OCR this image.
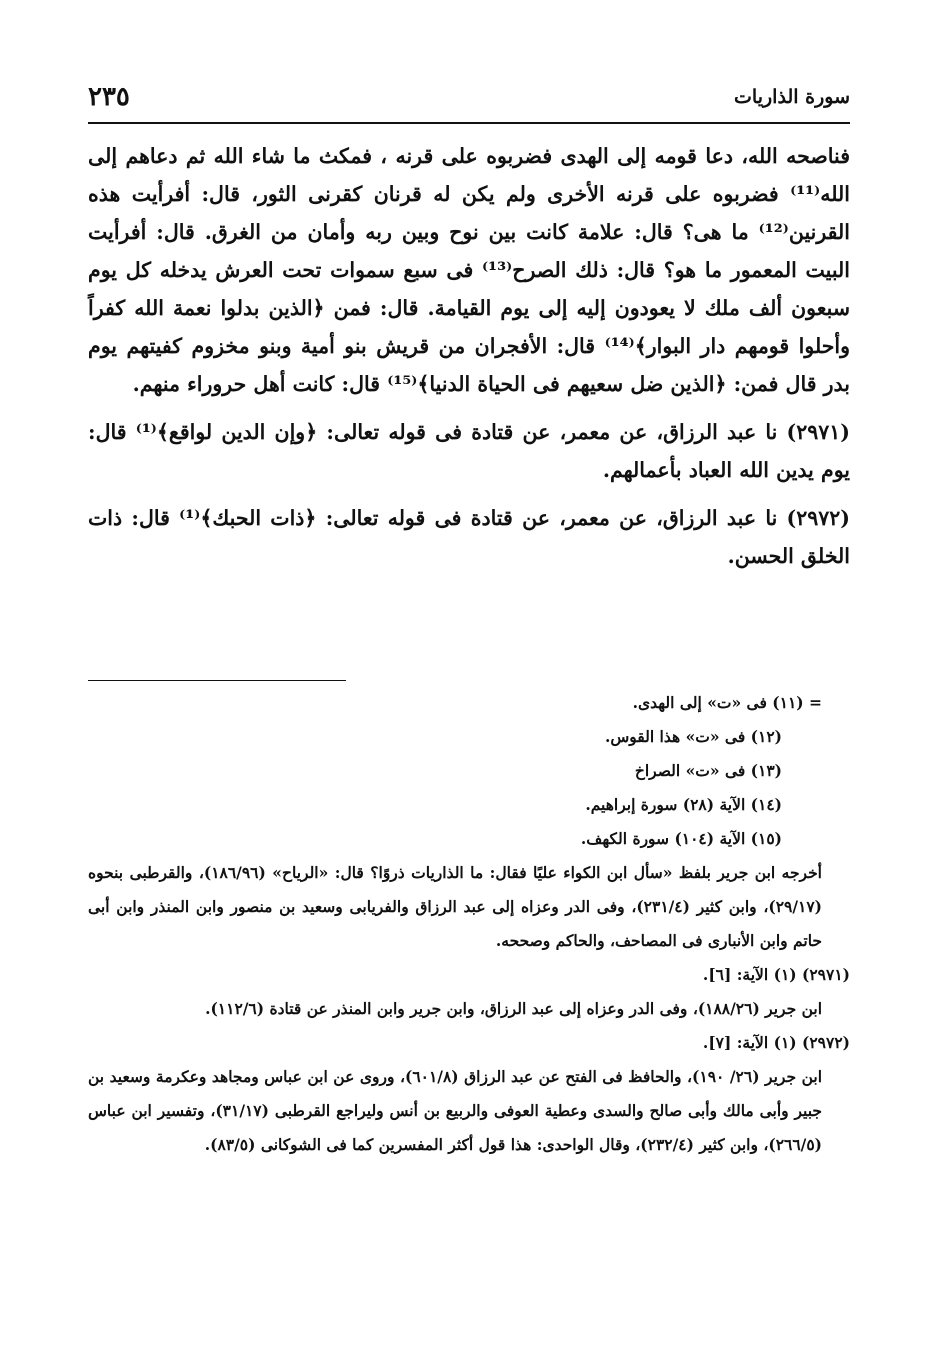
سورة الذاريات
٢٣٥

فناصحه الله، دعا قومه إلى الهدى فضربوه على قرنه ، فمكث ما شاء الله ثم دعاهم إلى الله⁽¹¹⁾ فضربوه على قرنه الأخرى ولم يكن له قرنان كقرنى الثور، قال: أفرأيت هذه القرنين⁽¹²⁾ ما هى؟ قال: علامة كانت بين نوح وبين ربه وأمان من الغرق. قال: أفرأيت البيت المعمور ما هو؟ قال: ذلك الصرح⁽¹³⁾ فى سبع سموات تحت العرش يدخله كل يوم سبعون ألف ملك لا يعودون إليه إلى يوم القيامة. قال: فمن ﴿الذين بدلوا نعمة الله كفراً وأحلوا قومهم دار البوار﴾⁽¹⁴⁾ قال: الأفجران من قريش بنو أمية وبنو مخزوم كفيتهم يوم بدر قال فمن: ﴿الذين ضل سعيهم فى الحياة الدنيا﴾⁽¹⁵⁾ قال: كانت أهل حروراء منهم.

(٢٩٧١) نا عبد الرزاق، عن معمر، عن قتادة فى قوله تعالى: ﴿وإن الدين لواقع﴾⁽¹⁾ قال: يوم يدين الله العباد بأعمالهم.

(٢٩٧٢) نا عبد الرزاق، عن معمر، عن قتادة فى قوله تعالى: ﴿ذات الحبك﴾⁽¹⁾ قال: ذات الخلق الحسن.

= (١١) فى «ت» إلى الهدى.

(١٢) فى «ت» هذا القوس.

(١٣) فى «ت» الصراخ

(١٤) الآية (٢٨) سورة إبراهيم.

(١٥) الآية (١٠٤) سورة الكهف.

أخرجه ابن جرير بلفظ «سأل ابن الكواء عليًا فقال: ما الذاريات ذروًا؟ قال: «الرياح» (١٨٦/٩٦)، والقرطبى بنحوه (٢٩/١٧)، وابن كثير (٢٣١/٤)، وفى الدر وعزاه إلى عبد الرزاق والفريابى وسعيد بن منصور وابن المنذر وابن أبى حاتم وابن الأنبارى فى المصاحف، والحاكم وصححه.

(٢٩٧١) (١) الآية: [٦].

ابن جرير (١٨٨/٢٦)، وفى الدر وعزاه إلى عبد الرزاق، وابن جرير وابن المنذر عن قتادة (١١٢/٦).

(٢٩٧٢) (١) الآية: [٧].

ابن جرير (٢٦/ ١٩٠)، والحافظ فى الفتح عن عبد الرزاق (٦٠١/٨)، وروى عن ابن عباس ومجاهد وعكرمة وسعيد بن جبير وأبى مالك وأبى صالح والسدى وعطية العوفى والربيع بن أنس وليراجع القرطبى (٣١/١٧)، وتفسير ابن عباس (٢٦٦/٥)، وابن كثير (٢٣٢/٤)، وقال الواحدى: هذا قول أكثر المفسرين كما فى الشوكانى (٨٣/٥).
